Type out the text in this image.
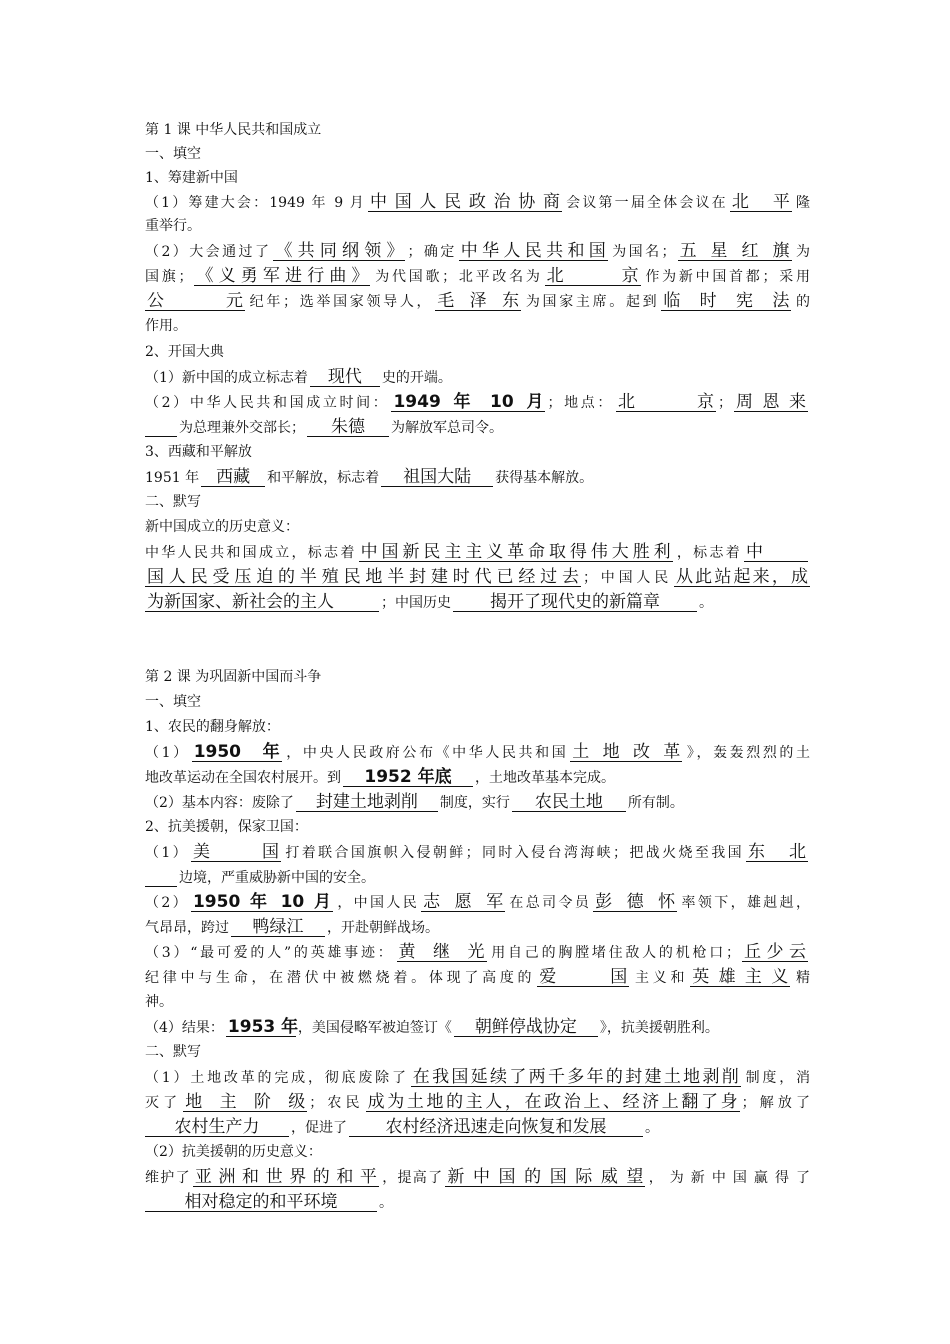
第 1 课 中华人民共和国成立
一、填空
1、筹建新中国
（1）筹建大会：1949 年 9 月 中国人民政治协商 会议第一届全体会议在 北平 隆
重举行。
（2）大会通过了 《共同纲领》 ；确定 中华人民共和国 为国名； 五星红旗 为
国旗； 《义勇军进行曲》 为代国歌；北平改名为 北京 作为新中国首都；采用
公元 纪年；选举国家领导人， 毛泽东 为国家主席。起到 临时宪法 的
作用。
2、开国大典
（1）新中国的成立标志着 现代 史的开端。
（2）中华人民共和国成立时间： 1949 年 10 月 ；地点： 北京 ； 周恩来
为总理兼外交部长； 朱德 为解放军总司令。
3、西藏和平解放
1951 年 西藏 和平解放，标志着 祖国大陆 获得基本解放。
二、默写
新中国成立的历史意义：
中华人民共和国成立，标志着 中国新民主主义革命取得伟大胜利 ，标志着 中
国人民受压迫的半殖民地半封建时代已经过去 ；中国人民 从此站起来，成
为新国家、新社会的主人	；中国历史 揭开了现代史的新篇章	。
第 2 课 为巩固新中国而斗争
一、填空
1、农民的翻身解放：
（1） 1950 年 ，中央人民政府公布《中华人民共和国 土地改革 》，轰轰烈烈的土
地改革运动在全国农村展开。到 1952 年底 ，土地改革基本完成。
（2）基本内容：废除了 封建土地剥削 制度，实行 农民土地 所有制。
2、抗美援朝，保家卫国：
（1） 美国 打着联合国旗帜入侵朝鲜；同时入侵台湾海峡；把战火烧至我国 东北
边境，严重威胁新中国的安全。
（2） 1950 年 10 月 ，中国人民 志愿军 在总司令员 彭德怀 率领下，雄赳赳，
气昂昂，跨过 鸭绿江 ，开赴朝鲜战场。
（3）“最可爱的人”的英雄事迹： 黄继光 用自己的胸膛堵住敌人的机枪口； 丘少云
纪律中与生命，在潜伏中被燃烧着。体现了高度的 爱国 主义和 英雄主义 精
神。
（4）结果： 1953 年，美国侵略军被迫签订《 朝鲜停战协定 》，抗美援朝胜利。
二、默写
（1）土地改革的完成，彻底废除了 在我国延续了两千多年的封建土地剥削 制度，消
灭了 地主阶级 ；农民 成为土地的主人，在政治上、经济上翻了身 ；解放了
农村生产力 ，促进了 农村经济迅速走向恢复和发展	。
（2）抗美援朝的历史意义：
维护了 亚洲和世界的和平 ，提高了 新中国的国际威望 ， 为 新 中 国 赢 得 了
相对稳定的和平环境	。
